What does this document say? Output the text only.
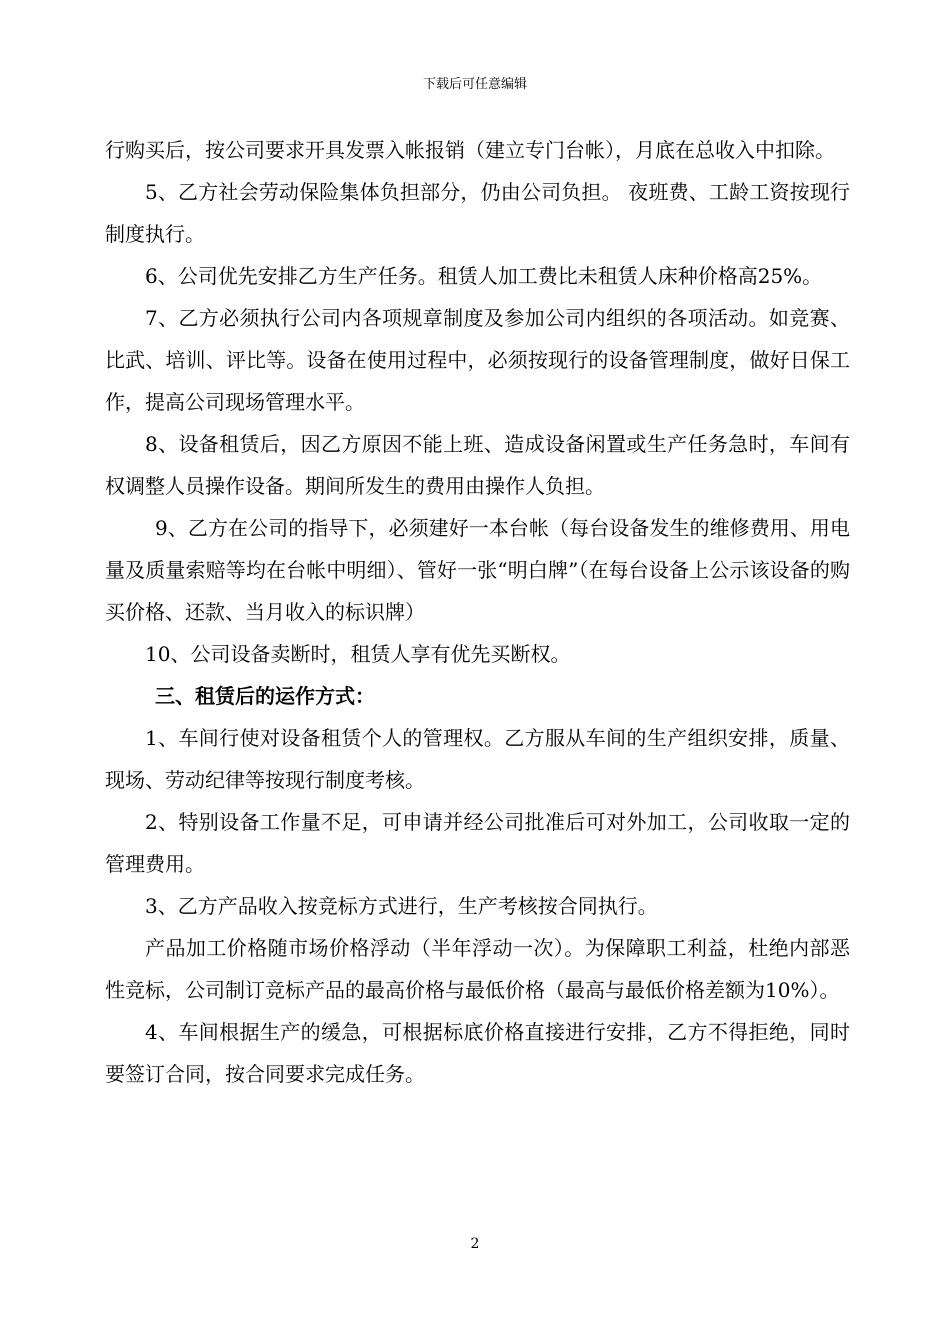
下载后可任意编辑

行购买后，按公司要求开具发票入帐报销（建立专门台帐），月底在总收入中扣除。

5、乙方社会劳动保险集体负担部分，仍由公司负担。 夜班费、工龄工资按现行制度执行。

6、公司优先安排乙方生产任务。租赁人加工费比未租赁人床种价格高25%。

7、乙方必须执行公司内各项规章制度及参加公司内组织的各项活动。如竞赛、比武、培训、评比等。设备在使用过程中，必须按现行的设备管理制度，做好日保工作，提高公司现场管理水平。

8、设备租赁后，因乙方原因不能上班、造成设备闲置或生产任务急时，车间有权调整人员操作设备。期间所发生的费用由操作人负担。

9、乙方在公司的指导下，必须建好一本台帐（每台设备发生的维修费用、用电量及质量索赔等均在台帐中明细）、管好一张“明白牌”（在每台设备上公示该设备的购买价格、还款、当月收入的标识牌）

10、公司设备卖断时，租赁人享有优先买断权。

三、租赁后的运作方式：

1、车间行使对设备租赁个人的管理权。乙方服从车间的生产组织安排，质量、现场、劳动纪律等按现行制度考核。

2、特别设备工作量不足，可申请并经公司批准后可对外加工，公司收取一定的管理费用。

3、乙方产品收入按竞标方式进行，生产考核按合同执行。

产品加工价格随市场价格浮动（半年浮动一次）。为保障职工利益，杜绝内部恶性竞标，公司制订竞标产品的最高价格与最低价格（最高与最低价格差额为10%）。

4、车间根据生产的缓急，可根据标底价格直接进行安排，乙方不得拒绝，同时要签订合同，按合同要求完成任务。

2
